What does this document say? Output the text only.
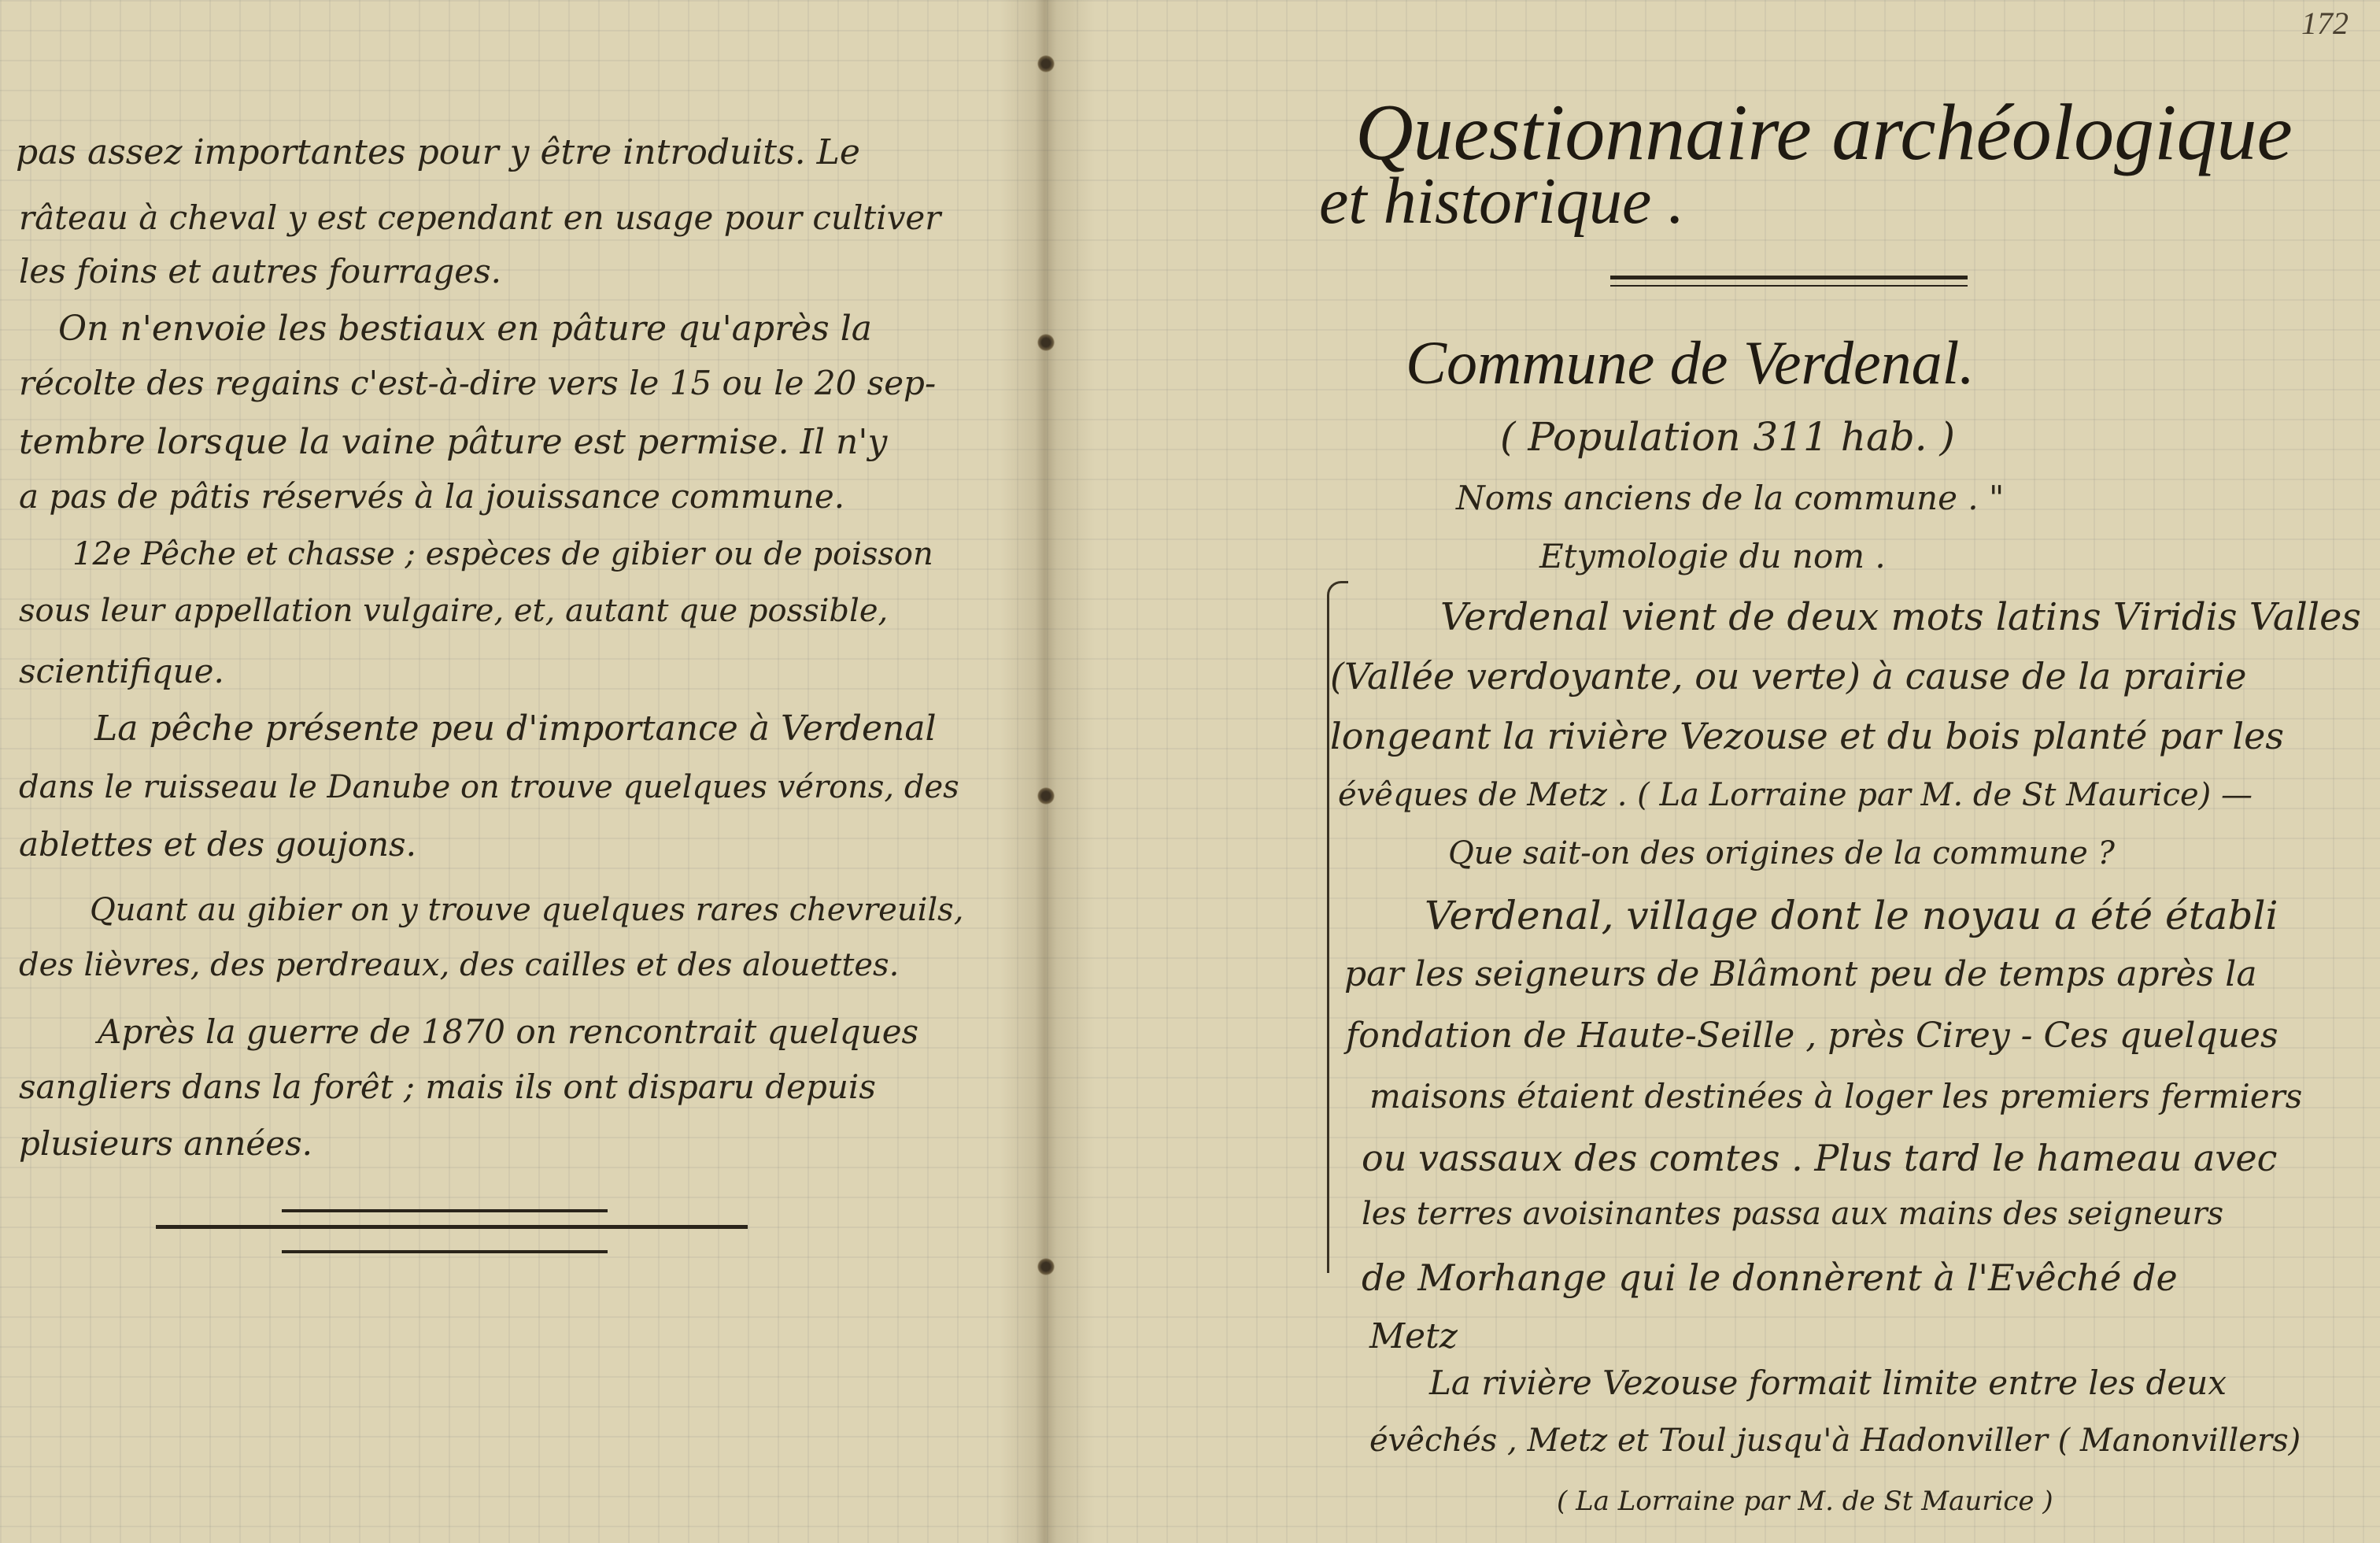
pas assez importantes pour y être introduits. Le
râteau à cheval y est cependant en usage pour cultiver
les foins et autres fourrages.
On n'envoie les bestiaux en pâture qu'après la
récolte des regains c'est-à-dire vers le 15 ou le 20 sep-
tembre lorsque la vaine pâture est permise. Il n'y
a pas de pâtis réservés à la jouissance commune.
12e Pêche et chasse ; espèces de gibier ou de poisson
sous leur appellation vulgaire, et, autant que possible,
scientifique.
La pêche présente peu d'importance à Verdenal
dans le ruisseau le Danube on trouve quelques vérons, des
ablettes et des goujons.
Quant au gibier on y trouve quelques rares chevreuils,
des lièvres, des perdreaux, des cailles et des alouettes.
Après la guerre de 1870 on rencontrait quelques
sangliers dans la forêt ; mais ils ont disparu depuis
plusieurs années.
172
Questionnaire archéologique
et historique .
Commune de Verdenal.
( Population 311 hab. )
Noms anciens de la commune . "
Etymologie du nom .
Verdenal vient de deux mots latins Viridis Valles
(Vallée verdoyante, ou verte) à cause de la prairie
longeant la rivière Vezouse et du bois planté par les
évêques de Metz . ( La Lorraine par M. de St Maurice) —
Que sait-on des origines de la commune ?
Verdenal, village dont le noyau a été établi
par les seigneurs de Blâmont peu de temps après la
fondation de Haute-Seille , près Cirey - Ces quelques
maisons étaient destinées à loger les premiers fermiers
ou vassaux des comtes . Plus tard le hameau avec
les terres avoisinantes passa aux mains des seigneurs
de Morhange qui le donnèrent à l'Evêché de
Metz
La rivière Vezouse formait limite entre les deux
évêchés , Metz et Toul jusqu'à Hadonviller ( Manonvillers)
( La Lorraine par M. de St Maurice )
